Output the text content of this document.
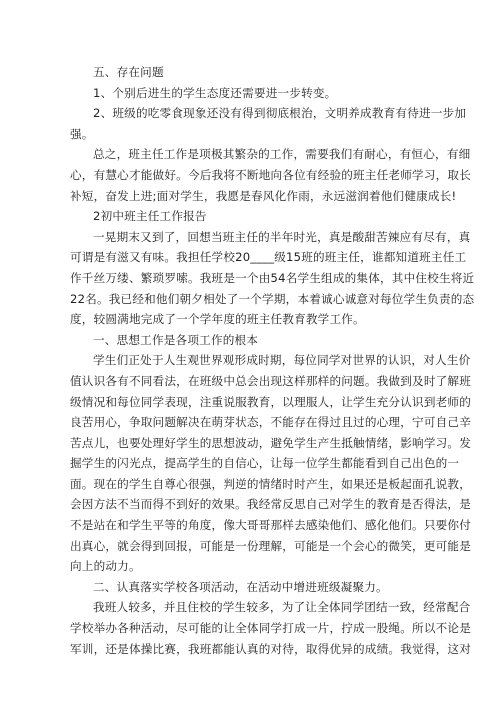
五、存在问题

1、个别后进生的学生态度还需要进一步转变。

2、班级的吃零食现象还没有得到彻底根治，文明养成教育有待进一步加
强。

总之，班主任工作是项极其繁杂的工作，需要我们有耐心，有恒心，有细
心，有慧心才能做好。今后我将不断地向各位有经验的班主任老师学习，取长
补短，奋发上进;面对学生，我愿是春风化作雨，永远滋润着他们健康成长!

2初中班主任工作报告

一晃期末又到了，回想当班主任的半年时光，真是酸甜苦辣应有尽有，真
可谓是有滋又有味。我担任学校20____级15班的班主任，谁都知道班主任工
作千丝万缕、繁琐罗嗦。我班是一个由54名学生组成的集体，其中住校生将近
22名。我已经和他们朝夕相处了一个学期，本着诚心诚意对每位学生负责的态
度，较圆满地完成了一个学年度的班主任教育教学工作。

一、思想工作是各项工作的根本

学生们正处于人生观世界观形成时期，每位同学对世界的认识，对人生价
值认识各有不同看法，在班级中总会出现这样那样的问题。我做到及时了解班
级情况和每位同学表现，注重说服教育，以理服人，让学生充分认识到老师的
良苦用心，争取问题解决在萌芽状态，不能存在得过且过的心理，宁可自己辛
苦点儿，也要处理好学生的思想波动，避免学生产生抵触情绪，影响学习。发
掘学生的闪光点，提高学生的自信心，让每一位学生都能看到自己出色的一
面。现在的学生自尊心很强，判逆的情绪时时产生，如果还是板起面孔说教，
会因方法不当而得不到好的效果。我经常反思自己对学生的教育是否得法，是
不是站在和学生平等的角度，像大哥哥那样去感染他们、感化他们。只要你付
出真心，就会得到回报，可能是一份理解，可能是一个会心的微笑，更可能是
向上的动力。

二、认真落实学校各项活动，在活动中增进班级凝聚力。

我班人较多，并且住校的学生较多，为了让全体同学团结一致，经常配合
学校举办各种活动，尽可能的让全体同学打成一片，拧成一股绳。所以不论是
军训，还是体操比赛，我班都能认真的对待，取得优异的成绩。我觉得，这对
